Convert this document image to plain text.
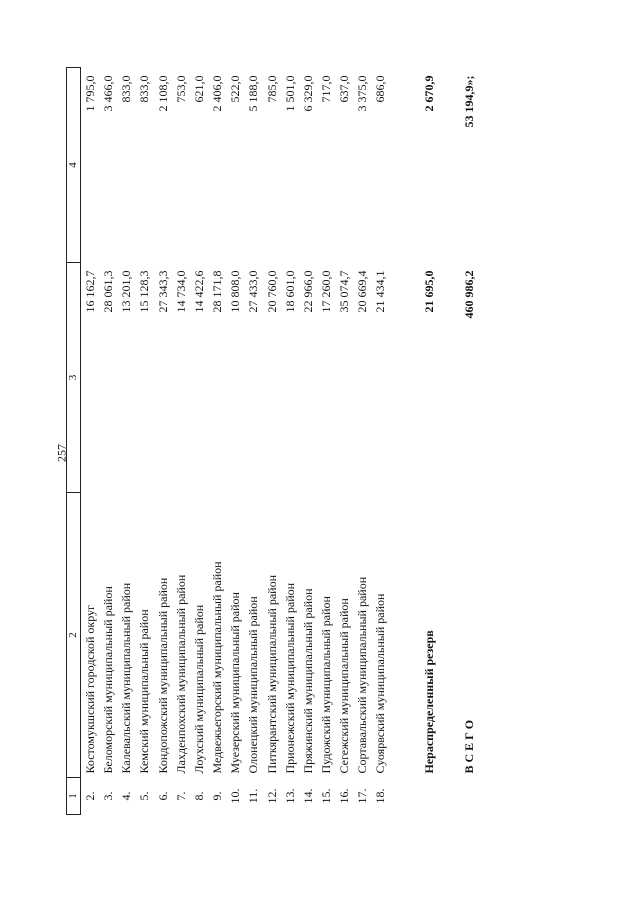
257
1	2	3	4
2.	Костомукшский городской округ	16 162,7	1 795,0
3.	Беломорский муниципальный район	28 061,3	3 466,0
4.	Калевальский муниципальный район	13 201,0	833,0
5.	Кемский муниципальный район	15 128,3	833,0
6.	Кондопожский муниципальный район	27 343,3	2 108,0
7.	Лахденпохский муниципальный район	14 734,0	753,0
8.	Лоухский муниципальный район	14 422,6	621,0
9.	Медвежьегорский муниципальный район	28 171,8	2 406,0
10.	Муезерский муниципальный район	10 808,0	522,0
11.	Олонецкий муниципальный район	27 433,0	5 188,0
12.	Питкярантский муниципальный район	20 760,0	785,0
13.	Прионежский муниципальный район	18 601,0	1 501,0
14.	Пряжинский муниципальный район	22 966,0	6 329,0
15.	Пудожский муниципальный район	17 260,0	717,0
16.	Сегежский муниципальный район	35 074,7	637,0
17.	Сортавальский муниципальный район	20 669,4	3 375,0
18.	Суоярвский муниципальный район	21 434,1	686,0

	Нераспределенный резерв	21 695,0	2 670,9

	В С Е Г О	460 986,2	53 194,9»;
